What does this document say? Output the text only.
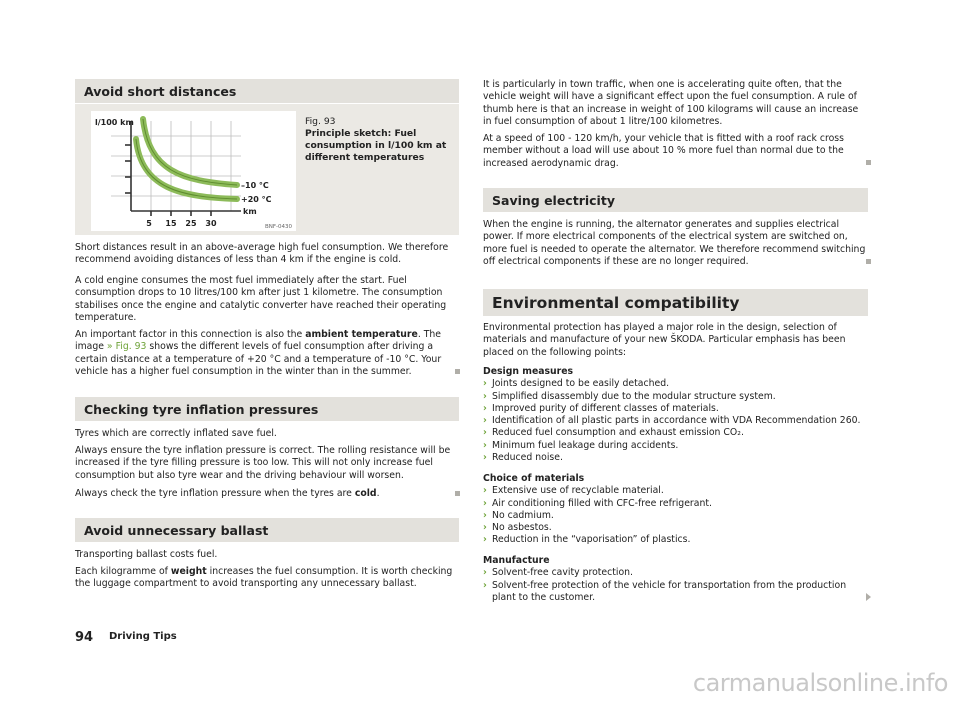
Avoid short distances
l/100 km
–10 °C
+20 °C
km
5 15 25 30	BNF-0430
Fig. 93
Principle sketch: Fuel consumption in l/100 km at different temperatures

Short distances result in an above-average high fuel consumption. We therefore recommend avoiding distances of less than 4 km if the engine is cold.

A cold engine consumes the most fuel immediately after the start. Fuel consumption drops to 10 litres/100 km after just 1 kilometre. The consumption stabilises once the engine and catalytic converter have reached their operating temperature.

An important factor in this connection is also the ambient temperature. The image » Fig. 93 shows the different levels of fuel consumption after driving a certain distance at a temperature of +20 °C and a temperature of -10 °C. Your vehicle has a higher fuel consumption in the winter than in the summer.

Checking tyre inflation pressures

Tyres which are correctly inflated save fuel.

Always ensure the tyre inflation pressure is correct. The rolling resistance will be increased if the tyre filling pressure is too low. This will not only increase fuel consumption but also tyre wear and the driving behaviour will worsen.

Always check the tyre inflation pressure when the tyres are cold.

Avoid unnecessary ballast

Transporting ballast costs fuel.

Each kilogramme of weight increases the fuel consumption. It is worth checking the luggage compartment to avoid transporting any unnecessary ballast.

It is particularly in town traffic, when one is accelerating quite often, that the vehicle weight will have a significant effect upon the fuel consumption. A rule of thumb here is that an increase in weight of 100 kilograms will cause an increase in fuel consumption of about 1 litre/100 kilometres.

At a speed of 100 - 120 km/h, your vehicle that is fitted with a roof rack cross member without a load will use about 10 % more fuel than normal due to the increased aerodynamic drag.

Saving electricity

When the engine is running, the alternator generates and supplies electrical power. If more electrical components of the electrical system are switched on, more fuel is needed to operate the alternator. We therefore recommend switching off electrical components if these are no longer required.

Environmental compatibility

Environmental protection has played a major role in the design, selection of materials and manufacture of your new ŠKODA. Particular emphasis has been placed on the following points:

Design measures
› Joints designed to be easily detached.
› Simplified disassembly due to the modular structure system.
› Improved purity of different classes of materials.
› Identification of all plastic parts in accordance with VDA Recommendation 260.
› Reduced fuel consumption and exhaust emission CO₂.
› Minimum fuel leakage during accidents.
› Reduced noise.
Choice of materials
› Extensive use of recyclable material.
› Air conditioning filled with CFC-free refrigerant.
› No cadmium.
› No asbestos.
› Reduction in the “vaporisation” of plastics.
Manufacture
› Solvent-free cavity protection.
› Solvent-free protection of the vehicle for transportation from the production
plant to the customer.
94 Driving Tips
carmanualsonline.info
